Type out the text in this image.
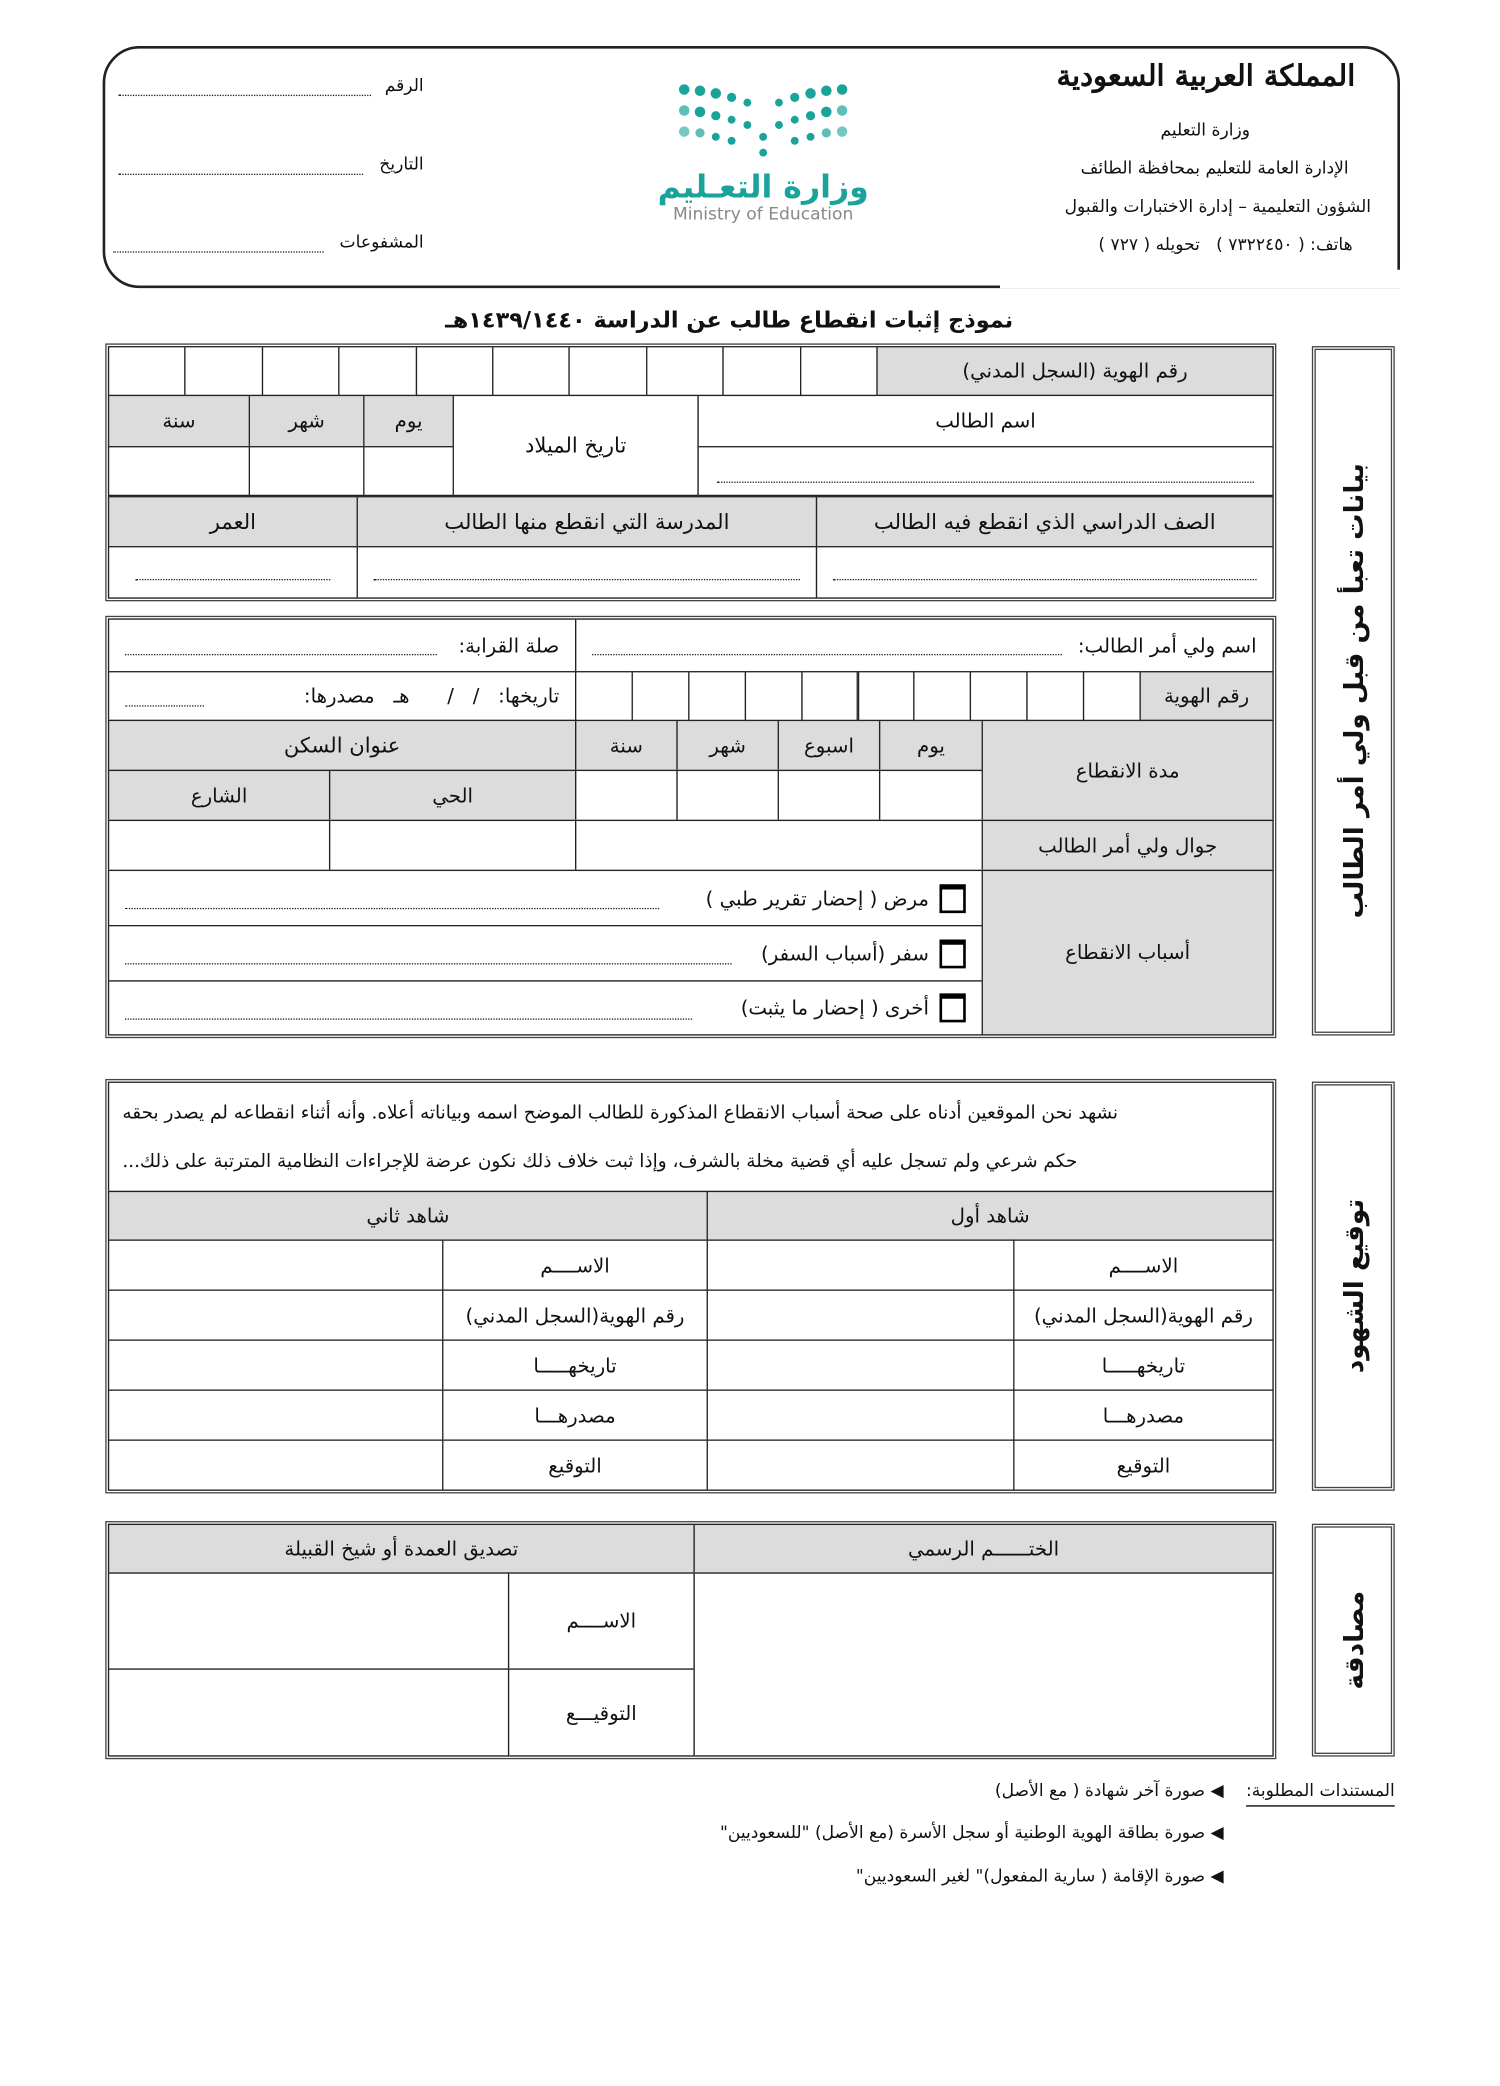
المملكة العربية السعودية
وزارة التعليم
الإدارة العامة للتعليم بمحافظة الطائف
الشؤون التعليمية – إدارة الاختبارات والقبول
هاتف: ( ٧٣٢٢٤٥٠ )   تحويله ( ٧٢٧ )
وزارة التعـليم
Ministry of Education
الرقم
التاريخ
المشفوعات
نموذج إثبات انقطاع طالب عن الدراسة ١٤٣٩/١٤٤٠هـ
بيانات تعبأ من قبل ولي أمر الطالب
رقم الهوية (السجل المدني)
اسم الطالب
تاريخ الميلاد
يوم
شهر
سنة
الصف الدراسي الذي انقطع فيه الطالب
المدرسة التي انقطع منها الطالب
العمر
اسم ولي أمر الطالب:
صلة القرابة:
رقم الهوية
تاريخها:   /   /      هـ   مصدرها:
مدة الانقطاع
يوم
اسبوع
شهر
سنة
عنوان السكن
الحي
الشارع
جوال ولي أمر الطالب
أسباب الانقطاع
مرض ( إحضار تقرير طبي )
سفر (أسباب السفر)
أخرى ( إحضار ما يثبت)
توقيع الشهود
نشهد نحن الموقعين أدناه على صحة أسباب الانقطاع المذكورة للطالب الموضح اسمه وبياناته أعلاه. وأنه أثناء انقطاعه لم يصدر بحقه
حكم شرعي ولم تسجل عليه أي قضية مخلة بالشرف، وإذا ثبت خلاف ذلك نكون عرضة للإجراءات النظامية المترتبة على ذلك...
شاهد أول
شاهد ثاني
مصادقة
الختــــــم الرسمي
تصديق العمدة أو شيخ القبيلة
الاســــم
التوقيـــع
المستندات المطلوبة:
◀ صورة آخر شهادة ( مع الأصل)
◀ صورة بطاقة الهوية الوطنية أو سجل الأسرة (مع الأصل) "للسعوديين"
◀ صورة الإقامة ( سارية المفعول)" لغير السعوديين"
الاســــم
الاســــم
رقم الهوية(السجل المدني)
رقم الهوية(السجل المدني)
تاريخهـــــا
تاريخهـــــا
مصدرهـــا
مصدرهـــا
التوقيع
التوقيع
